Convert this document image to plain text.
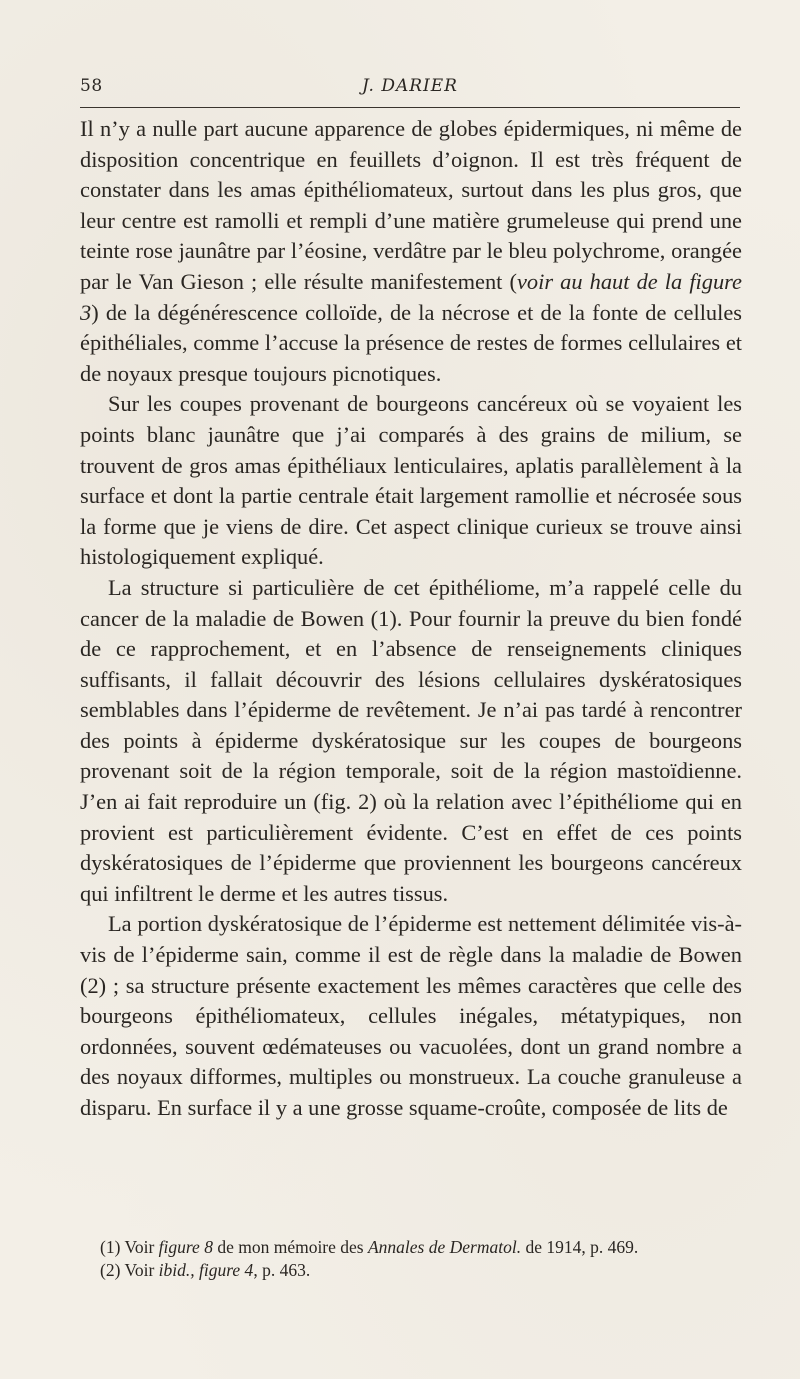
58	J. DARIER

Il n’y a nulle part aucune apparence de globes épidermiques, ni même de disposition concentrique en feuillets d’oignon. Il est très fréquent de constater dans les amas épithéliomateux, surtout dans les plus gros, que leur centre est ramolli et rempli d’une matière grumeleuse qui prend une teinte rose jaunâtre par l’éosine, verdâtre par le bleu polychrome, orangée par le Van Gieson ; elle résulte manifestement (voir au haut de la figure 3) de la dégénérescence colloïde, de la nécrose et de la fonte de cellules épithéliales, comme l’accuse la présence de restes de formes cellulaires et de noyaux presque toujours picnotiques.

Sur les coupes provenant de bourgeons cancéreux où se voyaient les points blanc jaunâtre que j’ai comparés à des grains de milium, se trouvent de gros amas épithéliaux lenticulaires, aplatis parallèlement à la surface et dont la partie centrale était largement ramollie et nécrosée sous la forme que je viens de dire. Cet aspect clinique curieux se trouve ainsi histologiquement expliqué.

La structure si particulière de cet épithéliome, m’a rappelé celle du cancer de la maladie de Bowen (1). Pour fournir la preuve du bien fondé de ce rapprochement, et en l’absence de renseignements cliniques suffisants, il fallait découvrir des lésions cellulaires dyskératosiques semblables dans l’épiderme de revêtement. Je n’ai pas tardé à rencontrer des points à épiderme dyskératosique sur les coupes de bourgeons provenant soit de la région temporale, soit de la région mastoïdienne. J’en ai fait reproduire un (fig. 2) où la relation avec l’épithéliome qui en provient est particulièrement évidente. C’est en effet de ces points dyskératosiques de l’épiderme que proviennent les bourgeons cancéreux qui infiltrent le derme et les autres tissus.

La portion dyskératosique de l’épiderme est nettement délimitée vis-à-vis de l’épiderme sain, comme il est de règle dans la maladie de Bowen (2) ; sa structure présente exactement les mêmes caractères que celle des bourgeons épithéliomateux, cellules inégales, métatypiques, non ordonnées, souvent œdémateuses ou vacuolées, dont un grand nombre a des noyaux difformes, multiples ou monstrueux. La couche granuleuse a disparu. En surface il y a une grosse squame-croûte, composée de lits de

(1) Voir figure 8 de mon mémoire des Annales de Dermatol. de 1914, p. 469.

(2) Voir ibid., figure 4, p. 463.
